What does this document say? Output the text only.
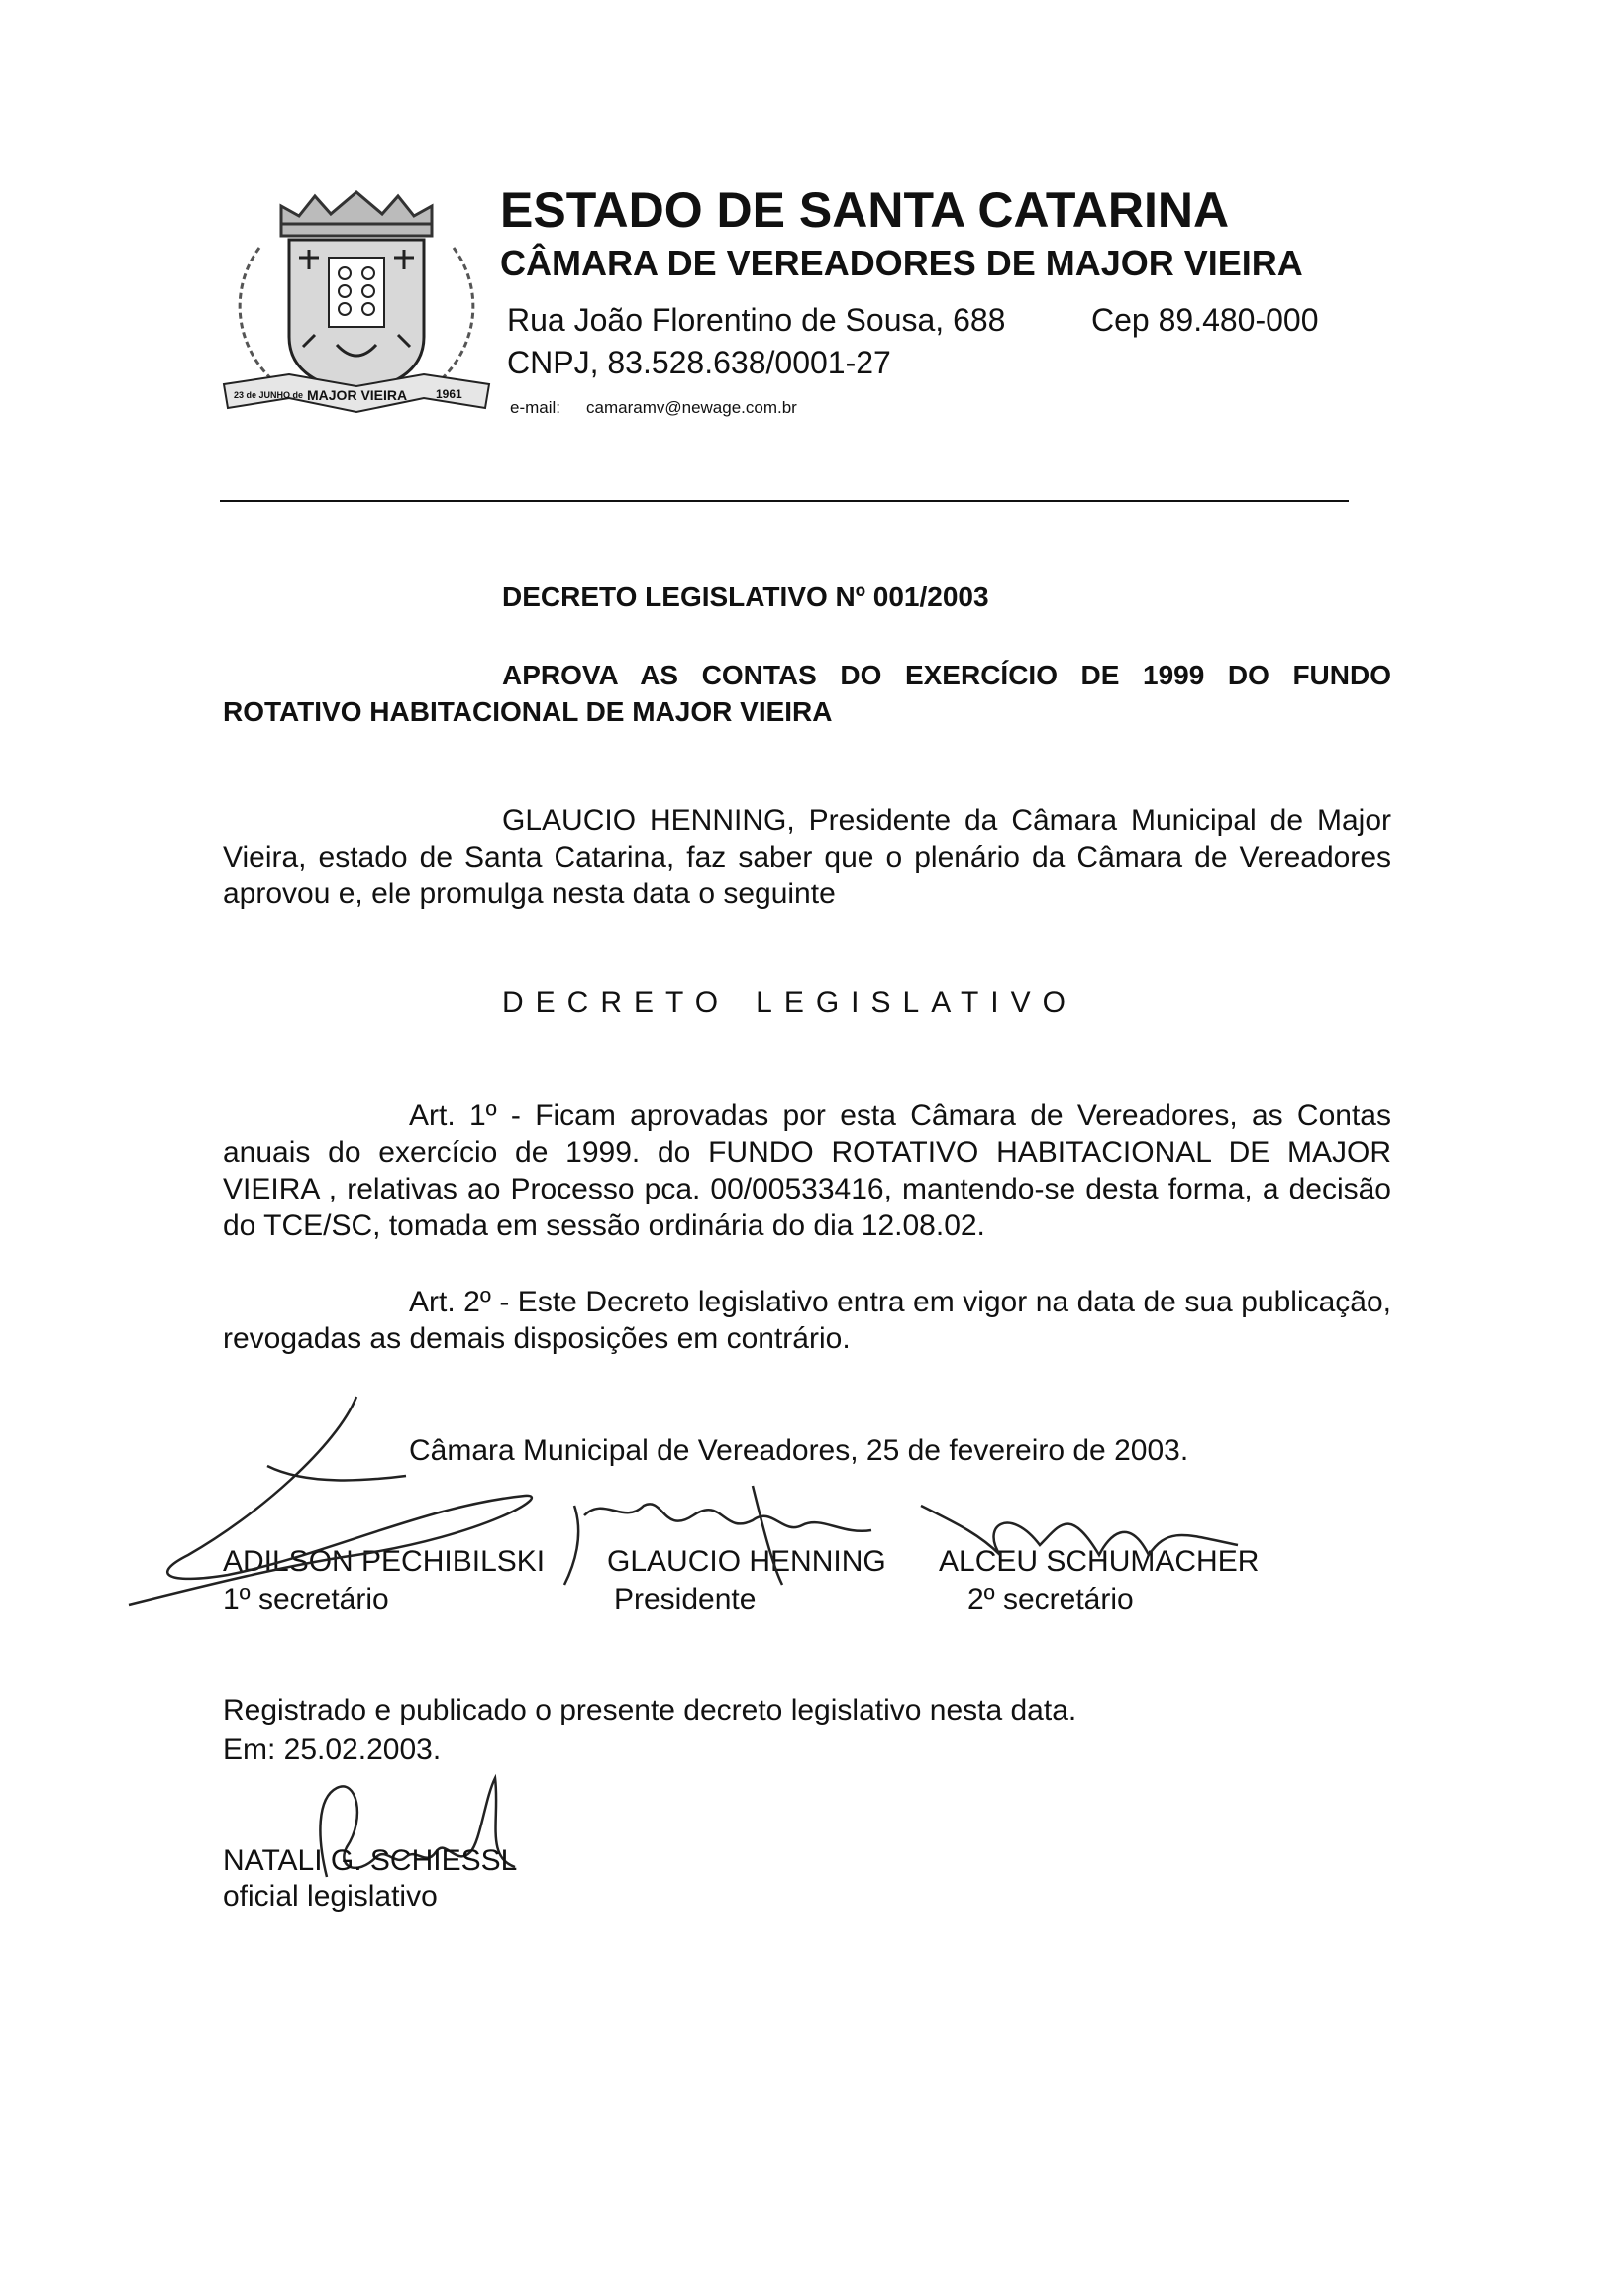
23 de JUNHO de MAJOR VIEIRA 1961
ESTADO DE SANTA CATARINA
CÂMARA DE VEREADORES DE MAJOR VIEIRA
Rua João Florentino de Sousa, 688	Cep 89.480-000
CNPJ, 83.528.638/0001-27
e-mail: camaramv@newage.com.br
DECRETO LEGISLATIVO Nº 001/2003
APROVA AS CONTAS DO EXERCÍCIO DE 1999 DO FUNDO ROTATIVO HABITACIONAL DE MAJOR VIEIRA
GLAUCIO HENNING, Presidente da Câmara Municipal de Major Vieira, estado de Santa Catarina, faz saber que o plenário da Câmara de Vereadores aprovou e, ele promulga nesta data o seguinte
DECRETO LEGISLATIVO
Art. 1º - Ficam aprovadas por esta Câmara de Vereadores, as Contas anuais do exercício de 1999. do FUNDO ROTATIVO HABITACIONAL DE MAJOR VIEIRA , relativas ao Processo pca. 00/00533416, mantendo-se desta forma, a decisão do TCE/SC, tomada em sessão ordinária do dia 12.08.02.
Art. 2º - Este Decreto legislativo entra em vigor na data de sua publicação, revogadas as demais disposições em contrário.
Câmara Municipal de Vereadores, 25 de fevereiro de 2003.
ADILSON PECHIBILSKI
1º secretário
GLAUCIO HENNING
Presidente
ALCEU SCHUMACHER
2º secretário
Registrado e publicado o presente decreto legislativo nesta data.
Em: 25.02.2003.
NATALI G. SCHIESSL
oficial legislativo
